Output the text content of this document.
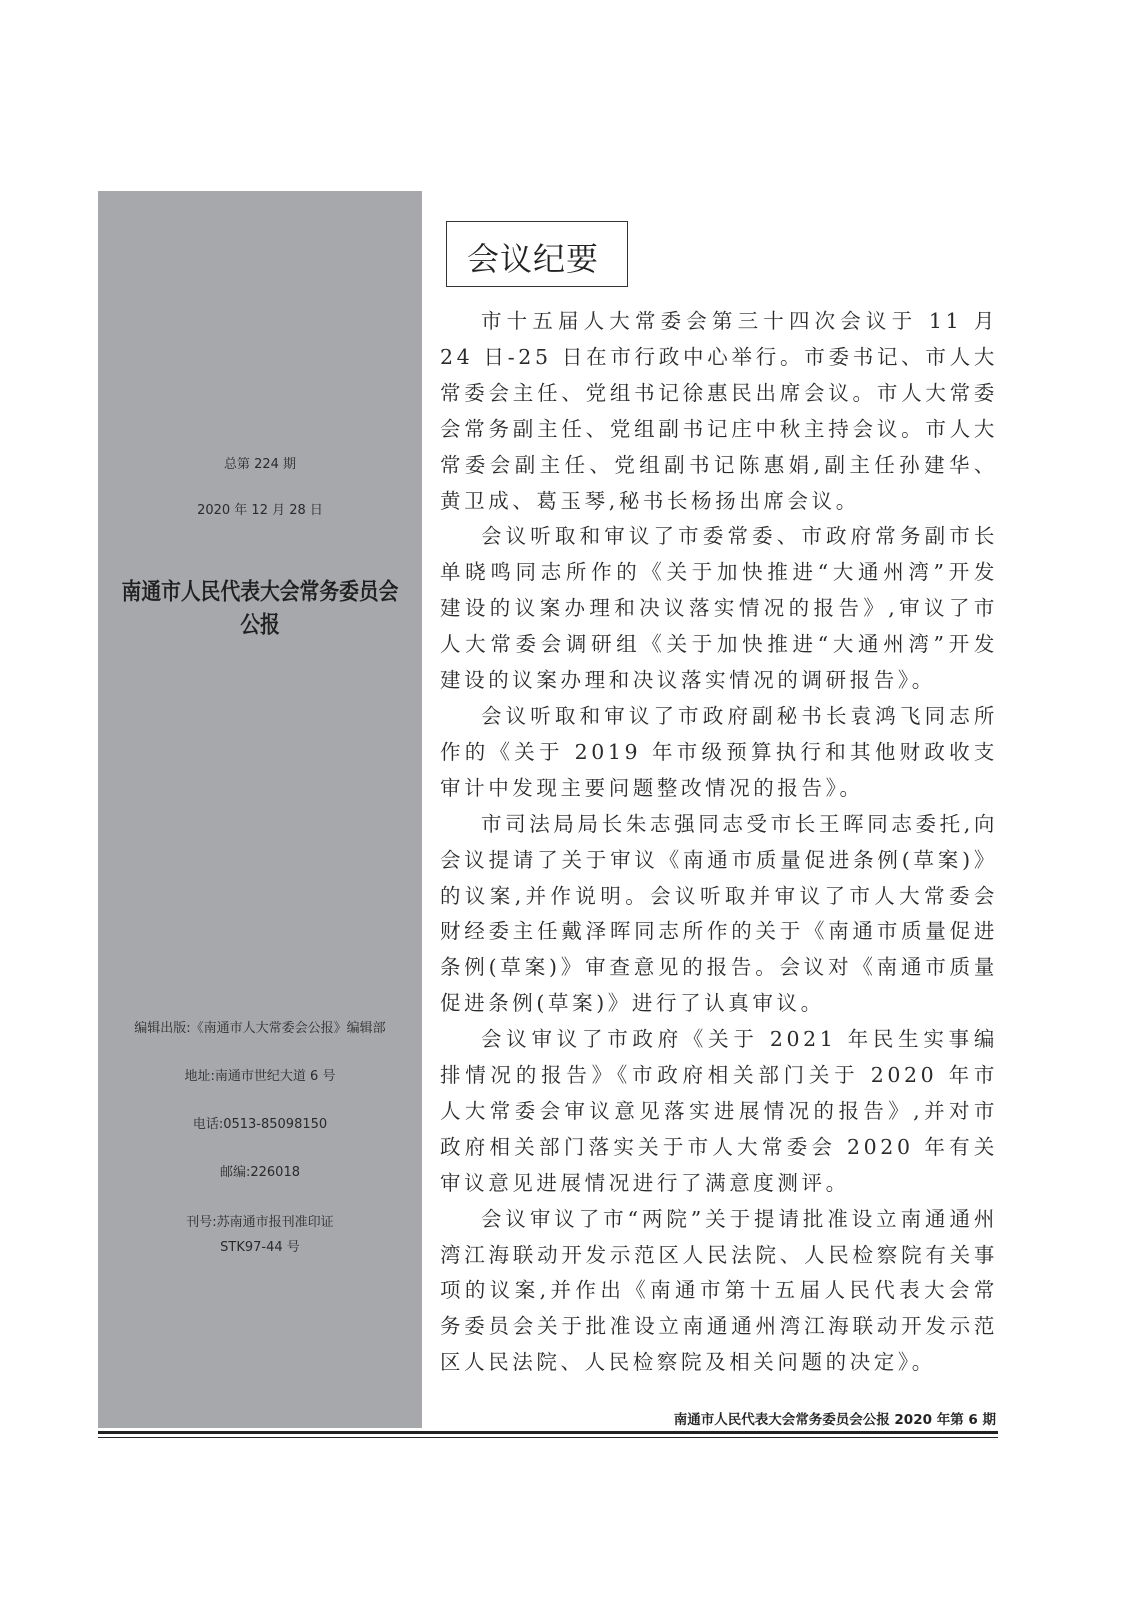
南通市人民代表大会常务委员会公报
总第 224 期
2020 年 12 月 28 日
编辑出版:《南通市人大常委会公报》编辑部
地址:南通市世纪大道 6 号
电话:0513-85098150
邮编:226018
刊号:苏南通市报刊准印证
STK97-44 号
会议纪要

市十五届人大常委会第三十四次会议于 11 月 24 日-25 日在市行政中心举行。市委书记、市人大常委会主任、党组书记徐惠民出席会议。市人大常委会常务副主任、党组副书记庄中秋主持会议。市人大常委会副主任、党组副书记陈惠娟,副主任孙建华、黄卫成、葛玉琴,秘书长杨扬出席会议。

会议听取和审议了市委常委、市政府常务副市长单晓鸣同志所作的《关于加快推进“大通州湾”开发建设的议案办理和决议落实情况的报告》,审议了市人大常委会调研组《关于加快推进“大通州湾”开发建设的议案办理和决议落实情况的调研报告》。

会议听取和审议了市政府副秘书长袁鸿飞同志所作的《关于 2019 年市级预算执行和其他财政收支审计中发现主要问题整改情况的报告》。

市司法局局长朱志强同志受市长王晖同志委托,向会议提请了关于审议《南通市质量促进条例(草案)》的议案,并作说明。会议听取并审议了市人大常委会财经委主任戴泽晖同志所作的关于《南通市质量促进条例(草案)》审查意见的报告。会议对《南通市质量促进条例(草案)》进行了认真审议。

会议审议了市政府《关于 2021 年民生实事编排情况的报告》《市政府相关部门关于 2020 年市人大常委会审议意见落实进展情况的报告》,并对市政府相关部门落实关于市人大常委会 2020 年有关审议意见进展情况进行了满意度测评。

会议审议了市“两院”关于提请批准设立南通通州湾江海联动开发示范区人民法院、人民检察院有关事项的议案,并作出《南通市第十五届人民代表大会常务委员会关于批准设立南通通州湾江海联动开发示范区人民法院、人民检察院及相关问题的决定》。

南通市人民代表大会常务委员会公报 2020 年第 6 期
